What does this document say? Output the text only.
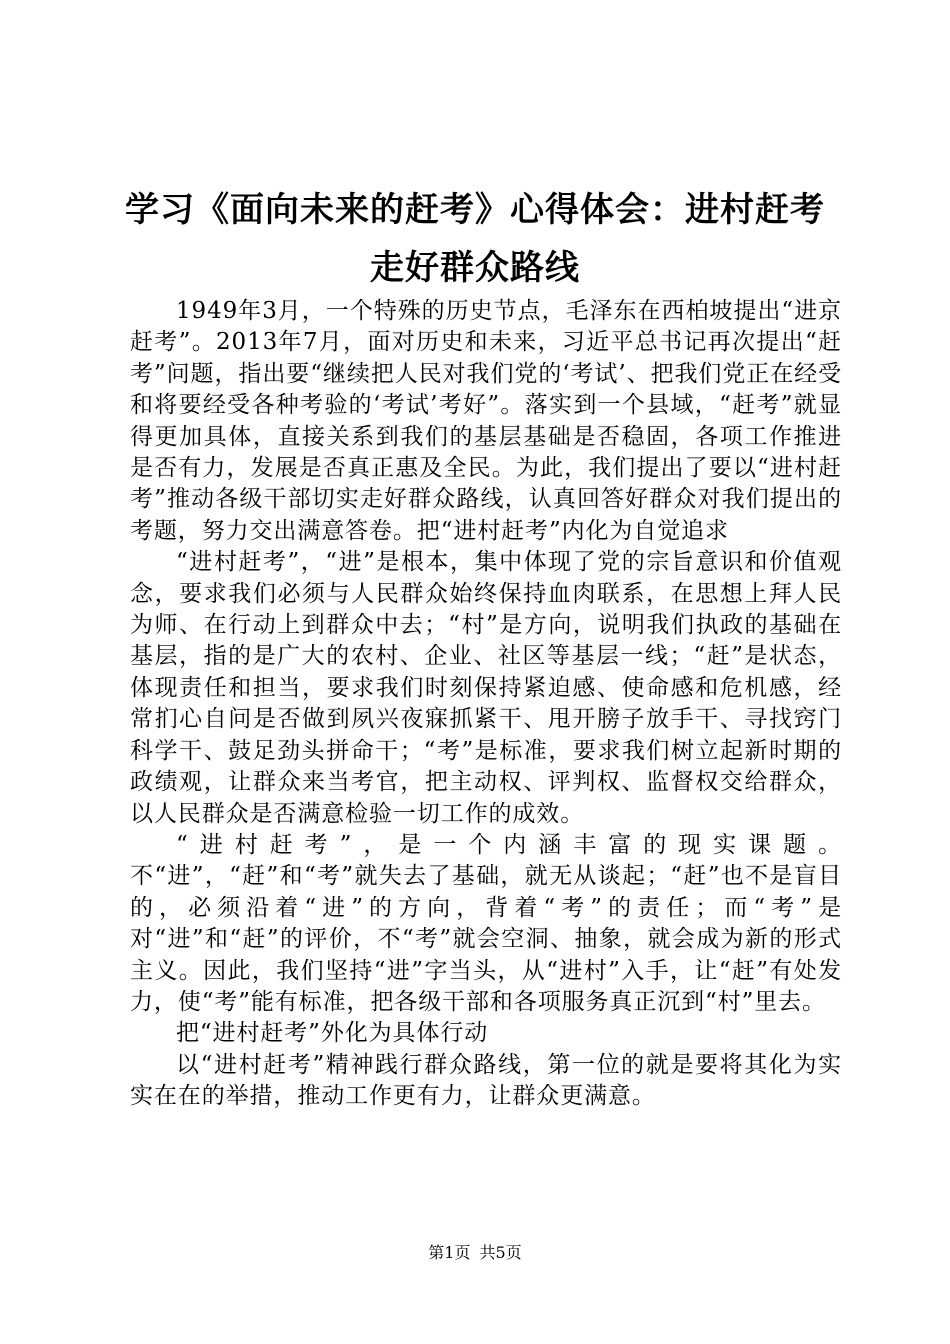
学习《面向未来的赶考》心得体会：进村赶考
走好群众路线

1949年3月，一个特殊的历史节点，毛泽东在西柏坡提出“进京赶考”。2013年7月，面对历史和未来，习近平总书记再次提出“赶考”问题，指出要“继续把人民对我们党的‘考试’、把我们党正在经受和将要经受各种考验的‘考试’考好”。落实到一个县域，“赶考”就显得更加具体，直接关系到我们的基层基础是否稳固，各项工作推进是否有力，发展是否真正惠及全民。为此，我们提出了要以“进村赶考”推动各级干部切实走好群众路线，认真回答好群众对我们提出的考题，努力交出满意答卷。把“进村赶考”内化为自觉追求

“进村赶考”，“进”是根本，集中体现了党的宗旨意识和价值观念，要求我们必须与人民群众始终保持血肉联系，在思想上拜人民为师、在行动上到群众中去；“村”是方向，说明我们执政的基础在基层，指的是广大的农村、企业、社区等基层一线；“赶”是状态，体现责任和担当，要求我们时刻保持紧迫感、使命感和危机感，经常扪心自问是否做到夙兴夜寐抓紧干、甩开膀子放手干、寻找窍门科学干、鼓足劲头拼命干；“考”是标准，要求我们树立起新时期的政绩观，让群众来当考官，把主动权、评判权、监督权交给群众，以人民群众是否满意检验一切工作的成效。

“进村赶考”，是一个内涵丰富的现实课题。不“进”，“赶”和“考”就失去了基础，就无从谈起；“赶”也不是盲目的，必须沿着“进”的方向，背着“考”的责任；而“考”是对“进”和“赶”的评价，不“考”就会空洞、抽象，就会成为新的形式主义。因此，我们坚持“进”字当头，从“进村”入手，让“赶”有处发力，使“考”能有标准，把各级干部和各项服务真正沉到“村”里去。

把“进村赶考”外化为具体行动

以“进村赶考”精神践行群众路线，第一位的就是要将其化为实实在在的举措，推动工作更有力，让群众更满意。

第1页 共5页
